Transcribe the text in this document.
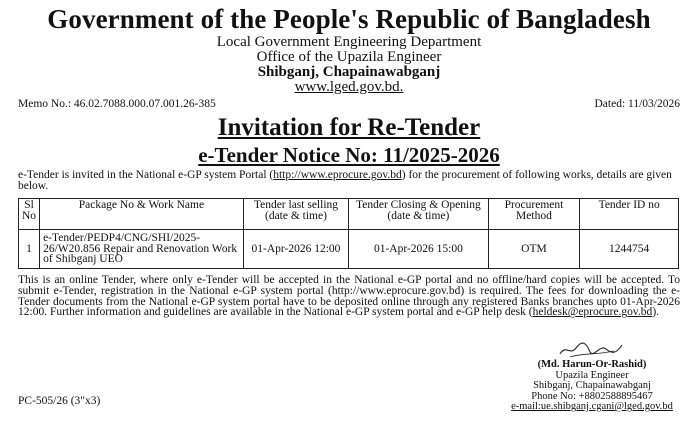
Government of the People's Republic of Bangladesh
Local Government Engineering Department
Office of the Upazila Engineer
Shibganj, Chapainawabganj
www.lged.gov.bd.
Memo No.: 46.02.7088.000.07.001.26-385	Dated: 11/03/2026
Invitation for Re-Tender
e-Tender Notice No: 11/2025-2026
e-Tender is invited in the National e-GP system Portal (http://www.eprocure.gov.bd) for the procurement of following works, details are given below.
Sl No	Package No & Work Name	Tender last selling (date & time)	Tender Closing & Opening (date & time)	Procurement Method	Tender ID no
1	e-Tender/PEDP4/CNG/SHI/2025-26/W20.856 Repair and Renovation Work of Shibganj UEO	01-Apr-2026 12:00	01-Apr-2026 15:00	OTM	1244754
This is an online Tender, where only e-Tender will be accepted in the National e-GP portal and no offline/hard copies will be accepted. To submit e-Tender, registration in the National e-GP system portal (http://www.eprocure.gov.bd) is required. The fees for downloading the e-Tender documents from the National e-GP system portal have to be deposited online through any registered Banks branches upto 01-Apr-2026 12:00. Further information and guidelines are available in the National e-GP system portal and e-GP help desk (heldesk@eprocure.gov.bd).
(Md. Harun-Or-Rashid)
Upazila Engineer
Shibganj, Chapainawabganj
Phone No: +8802588895467
e-mail:ue.shibganj.cgani@lged.gov.bd
PC-505/26 (3"x3)
